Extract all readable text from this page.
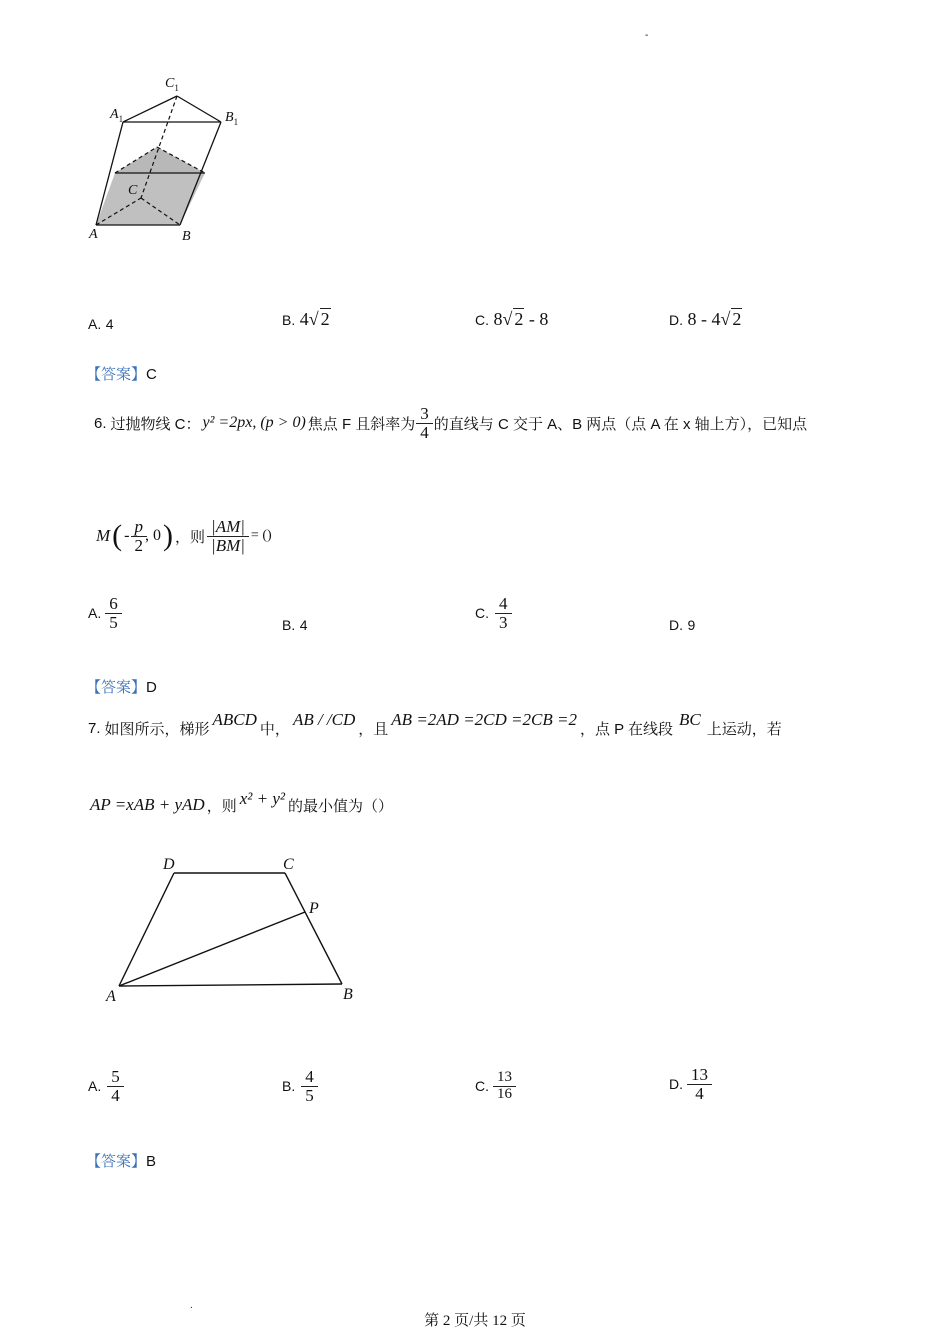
-
$C_1$
$A_1$	$B_1$
C
A	B
A. 4	B. 4√ 2	C. 8√ 2 - 8	D. 8 - 4√ 2
【答案】C
6. 过抛物线 C： y² =2px, (p > 0) 焦点 F 且斜率为 $\frac{3}{4}$ 的直线与 C 交于 A、B 两点（点 A 在 x 轴上方），已知点
M ( - $\frac{p}{2}$ , 0 ) ，则 $\frac{|AM|}{|BM|}$ = ()
A. $\frac{6}{5}$	B. 4
C. $\frac{4}{3}$	D. 9
【答案】D
7. 如图所示，梯形 ABCD 中， AB / /CD ，且 AB =2AD =2CD =2CB =2 ，点 P 在线段 BC 上运动，若
AP =xAB + yAD ，则 x² + y² 的最小值为（）
D	C
P
A	B
A. $\frac{5}{4}$	B. $\frac{4}{5}$	C. $\frac{13}{16}$	D. $\frac{13}{4}$
【答案】B
.
第 2 页/共 12 页
